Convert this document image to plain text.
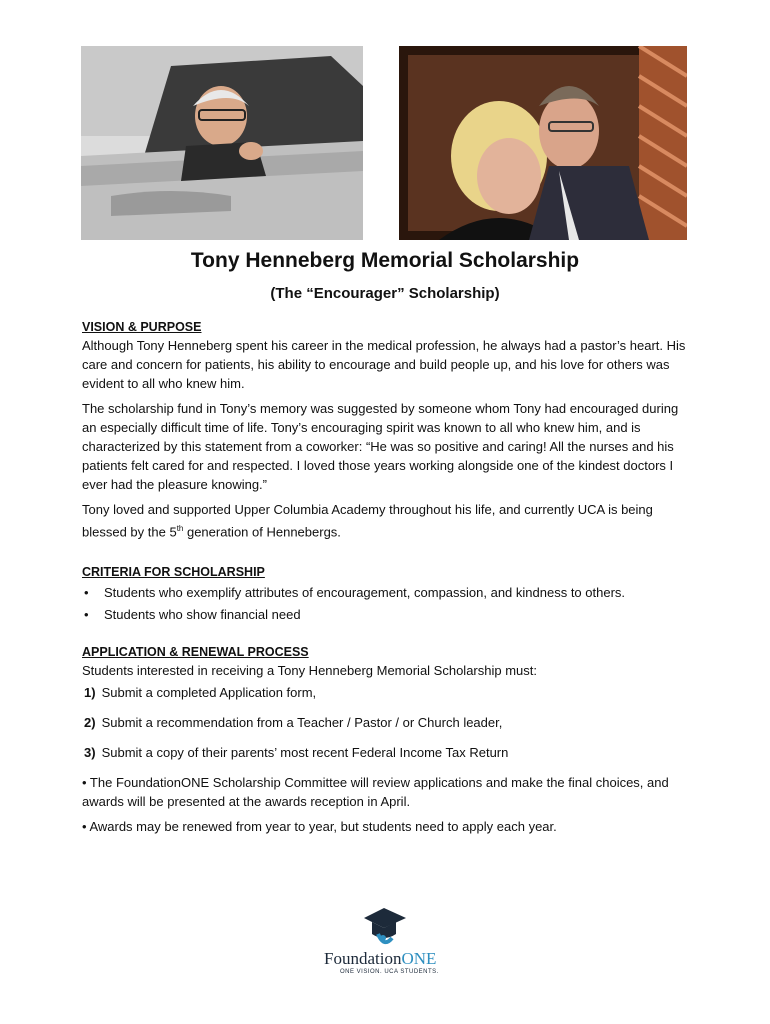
Tony Henneberg Memorial Scholarship
(The “Encourager” Scholarship)

VISION & PURPOSE

Although Tony Henneberg spent his career in the medical profession, he always had a pastor’s heart. His care and concern for patients, his ability to encourage and build people up, and his love for others was evident to all who knew him.

The scholarship fund in Tony’s memory was suggested by someone whom Tony had encouraged during an especially difficult time of life. Tony’s encouraging spirit was known to all who knew him, and is characterized by this statement from a coworker: “He was so positive and caring! All the nurses and his patients felt cared for and respected. I loved those years working alongside one of the kindest doctors I ever had the pleasure knowing.”

Tony loved and supported Upper Columbia Academy throughout his life, and currently UCA is being blessed by the 5th generation of Hennebergs.

CRITERIA FOR SCHOLARSHIP

• Students who exemplify attributes of encouragement, compassion, and kindness to others.
• Students who show financial need

APPLICATION & RENEWAL PROCESS

Students interested in receiving a Tony Henneberg Memorial Scholarship must:

1) Submit a completed Application form,
2) Submit a recommendation from a Teacher / Pastor / or Church leader,
3) Submit a copy of their parents’ most recent Federal Income Tax Return

• The FoundationONE Scholarship Committee will review applications and make the final choices, and awards will be presented at the awards reception in April.

• Awards may be renewed from year to year, but students need to apply each year.

FoundationONE
ONE VISION. UCA STUDENTS.
